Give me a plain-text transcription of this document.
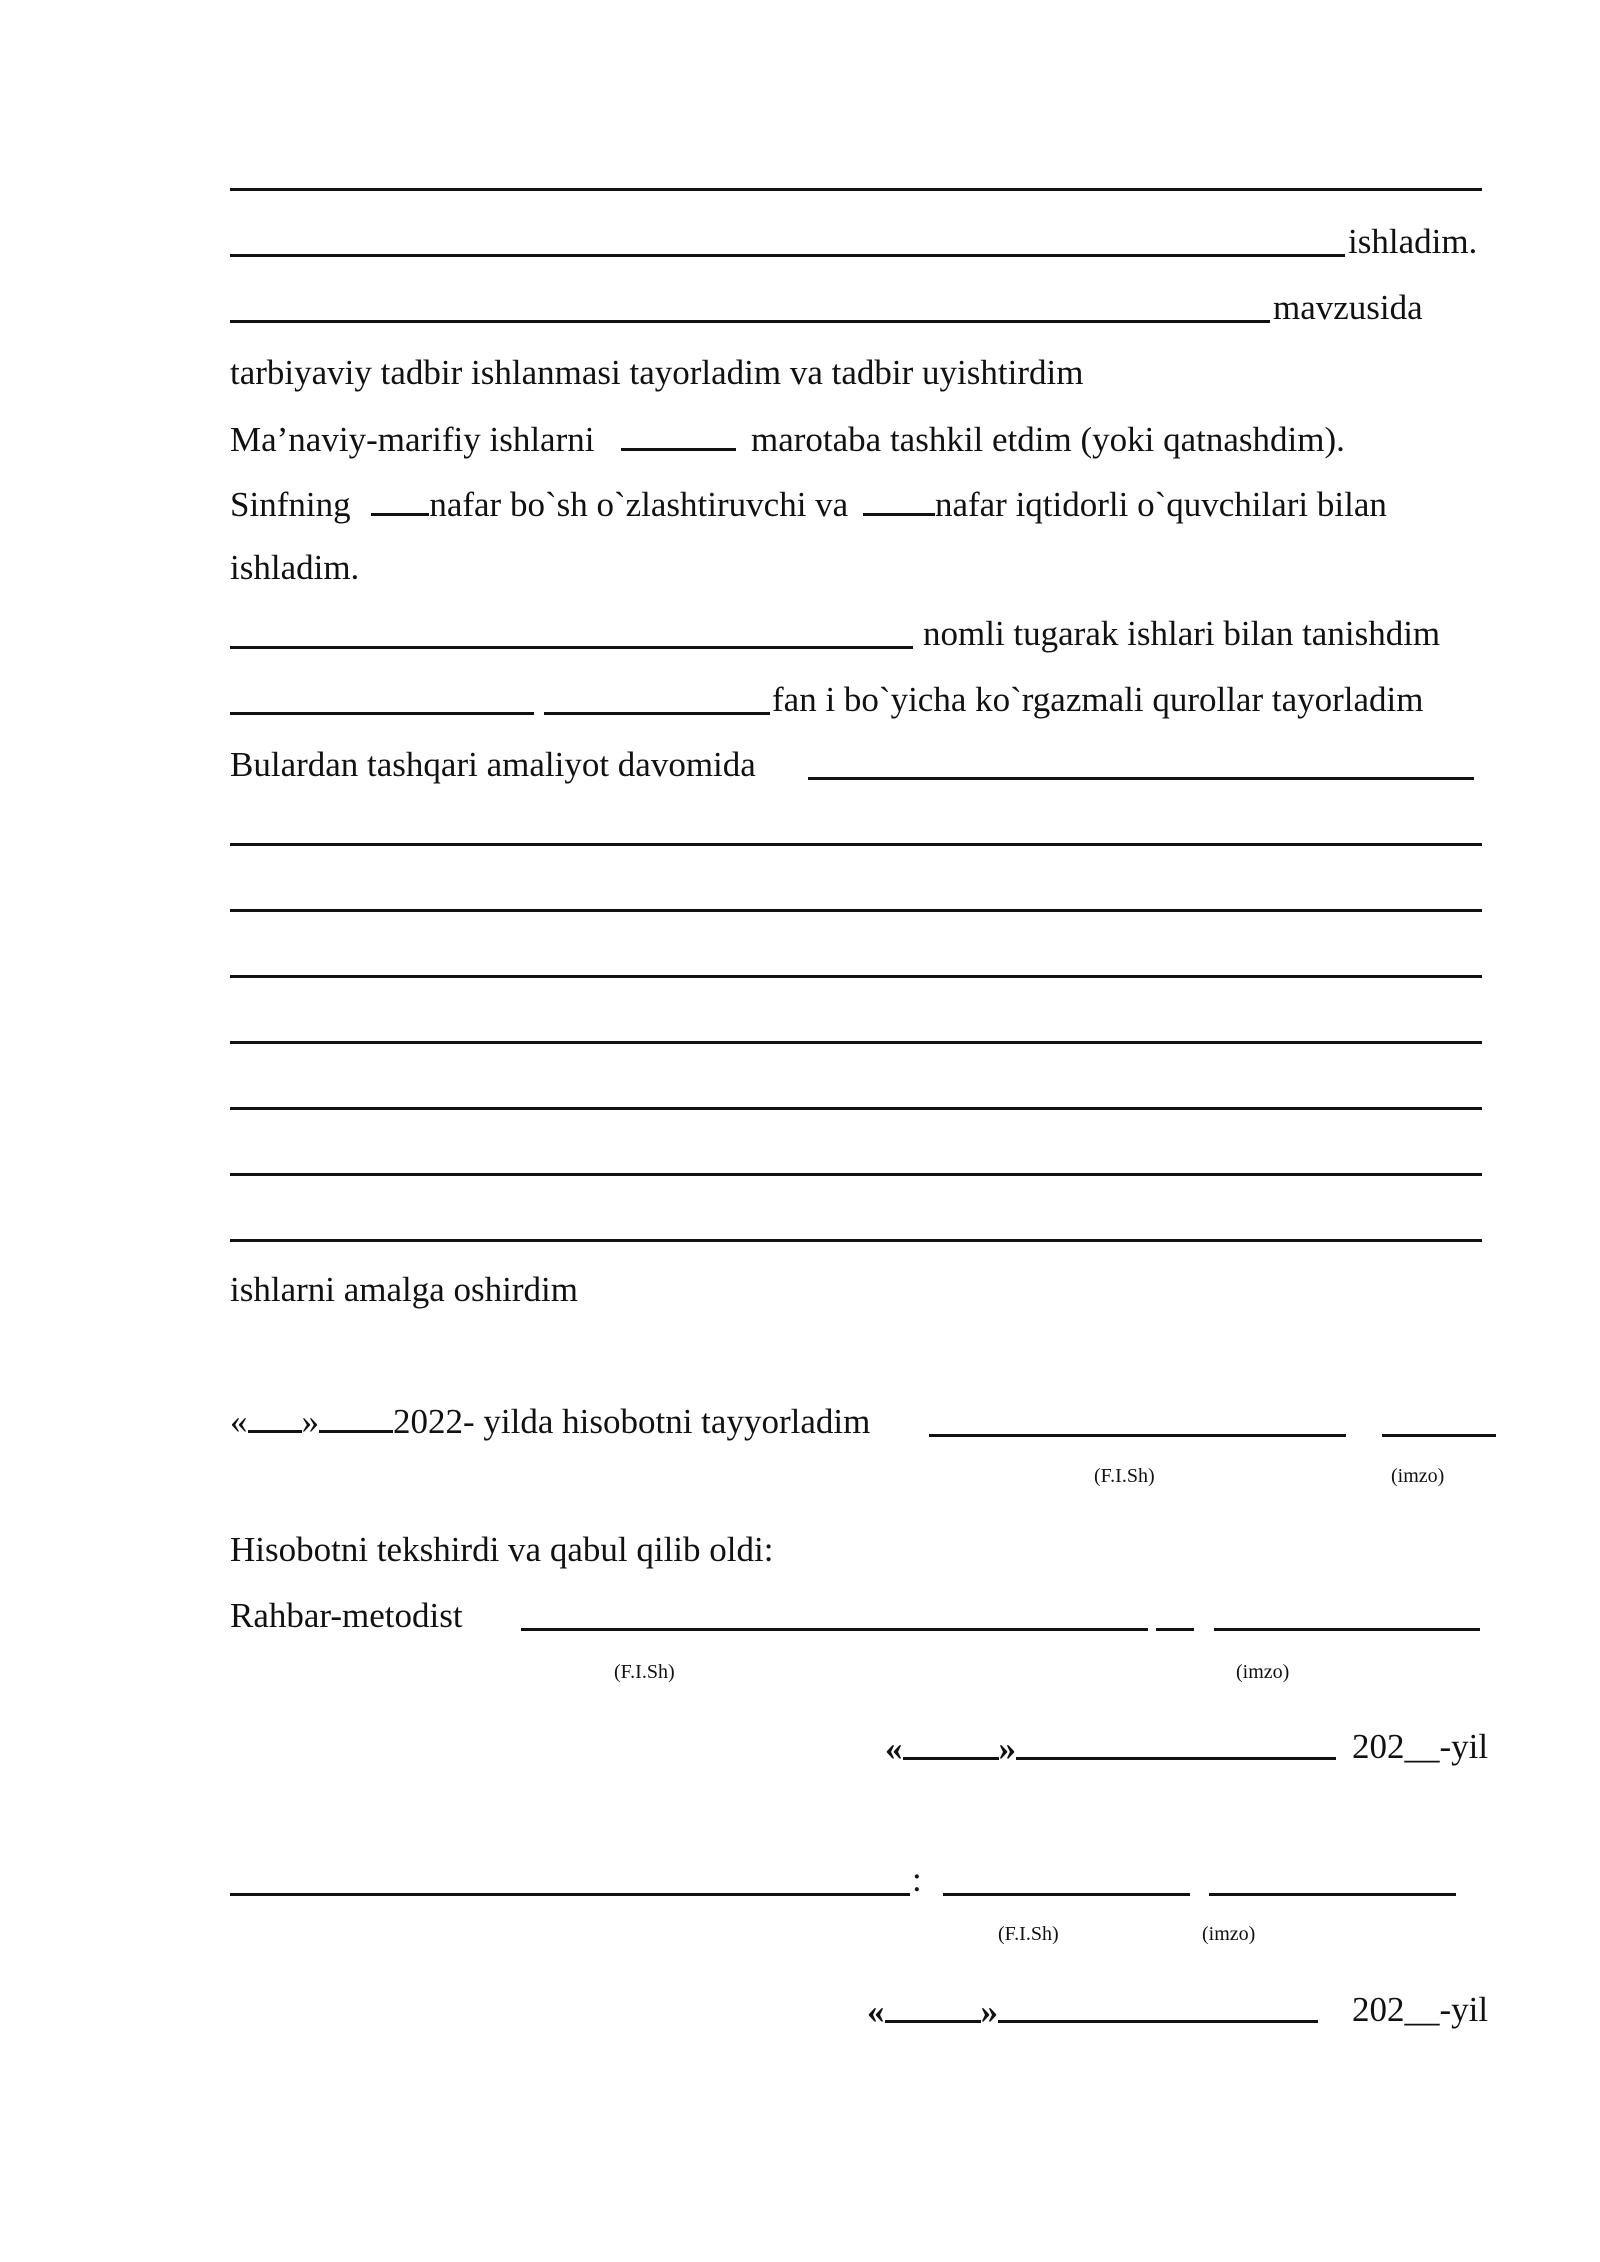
ishladim.
mavzusida
tarbiyaviy tadbir ishlanmasi tayorladim va tadbir uyishtirdim
Ma’naviy-marifiy ishlarni	marotaba tashkil etdim (yoki qatnashdim).
Sinfning nafar bo`sh o`zlashtiruvchi va nafar iqtidorli o`quvchilari bilan
ishladim.
nomli tugarak ishlari bilan tanishdim
fan i bo`yicha ko`rgazmali qurollar tayorladim
Bulardan tashqari amaliyot davomida
ishlarni amalga oshirdim
« » 2022- yilda hisobotni tayyorladim
(F.I.Sh)	(imzo)
Hisobotni tekshirdi va qabul qilib oldi:
Rahbar-metodist
(F.I.Sh)	(imzo)
«	»	202__-yil
:
(F.I.Sh)	(imzo)
«	»	202__-yil
